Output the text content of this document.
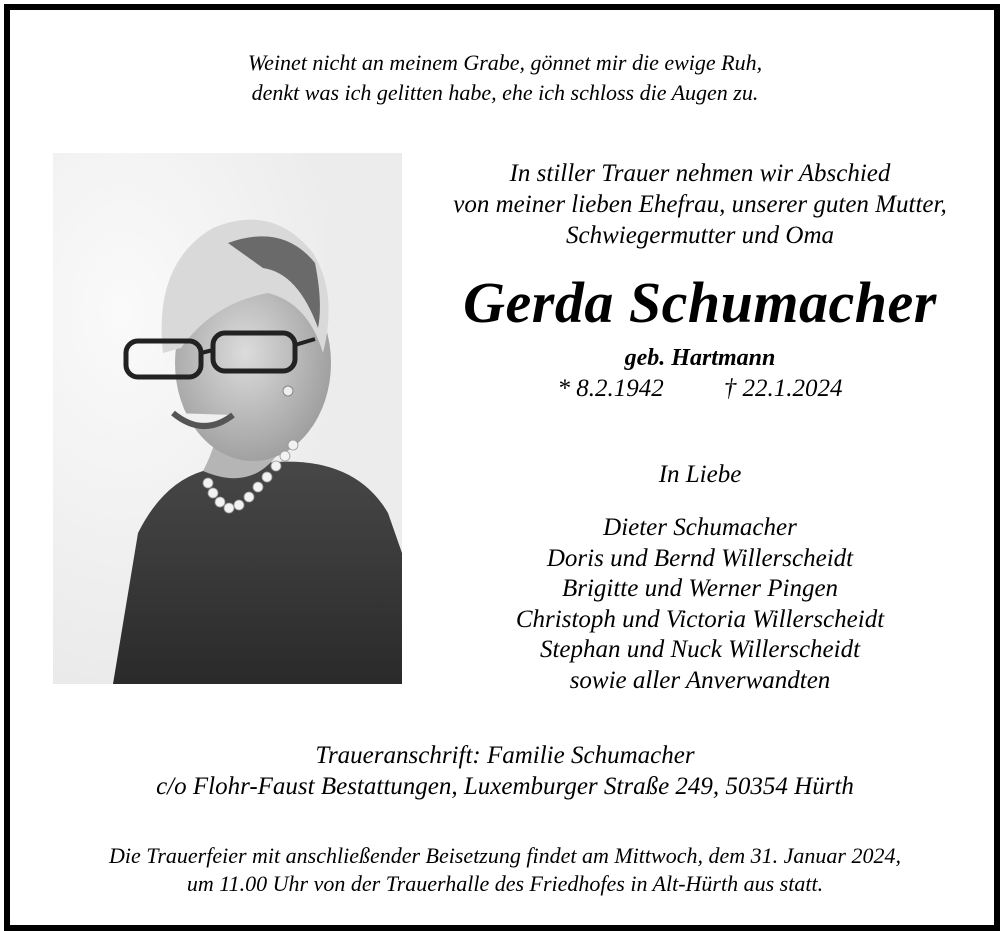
Weinet nicht an meinem Grabe, gönnet mir die ewige Ruh,
denkt was ich gelitten habe, ehe ich schloss die Augen zu.
In stiller Trauer nehmen wir Abschied
von meiner lieben Ehefrau, unserer guten Mutter,
Schwiegermutter und Oma
Gerda Schumacher
geb. Hartmann
* 8.2.1942 † 22.1.2024
In Liebe
Dieter Schumacher
Doris und Bernd Willerscheidt
Brigitte und Werner Pingen
Christoph und Victoria Willerscheidt
Stephan und Nuck Willerscheidt
sowie aller Anverwandten
Traueranschrift: Familie Schumacher
c/o Flohr-Faust Bestattungen, Luxemburger Straße 249, 50354 Hürth
Die Trauerfeier mit anschließender Beisetzung findet am Mittwoch, dem 31. Januar 2024,
um 11.00 Uhr von der Trauerhalle des Friedhofes in Alt-Hürth aus statt.
